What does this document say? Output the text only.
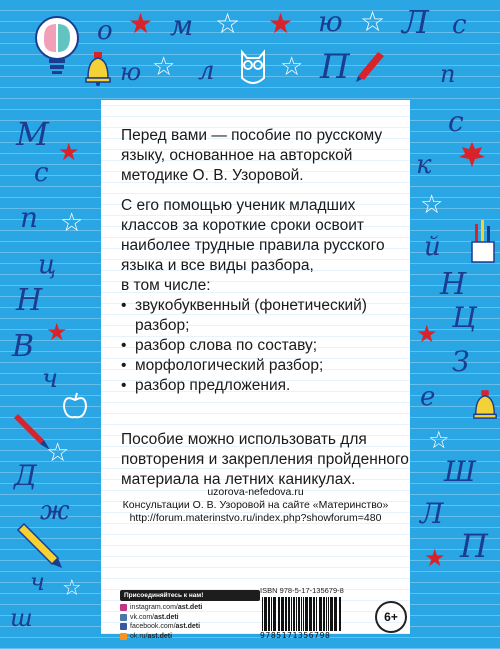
о ★ м ☆ ★ ю ☆ Л с
ю ☆ л	☆ П	п
М
с
★
п ☆
ц
Н
★
В
ч
☆
Д
ж
ч ☆
ш
с
к
☆
й
Н
Ц
★
З
е
☆
Ш
Л
П
★

Перед вами — пособие по русскому языку, основанное на авторской методике О. В. Узоровой.

С его помощью ученик младших классов за короткие сроки освоит наиболее трудные правила русского языка и все виды разбора,

в том числе:

• звукобуквенный (фонетический) разбор;
• разбор слова по составу;
• морфологический разбор;
• разбор предложения.

Пособие можно использовать для повторения и закрепления пройденного материала на летних каникулах.

uzorova-nefedova.ru
Консультации О. В. Узоровой на сайте «Материнство»
http://forum.materinstvo.ru/index.php?showforum=480
Присоединяйтесь к нам!
instagram.com/ ast.deti
vk.com/ ast.deti
facebook.com/ ast.deti
ok.ru/ ast.deti
ISBN 978-5-17-135679-8
9785171356798
6+
